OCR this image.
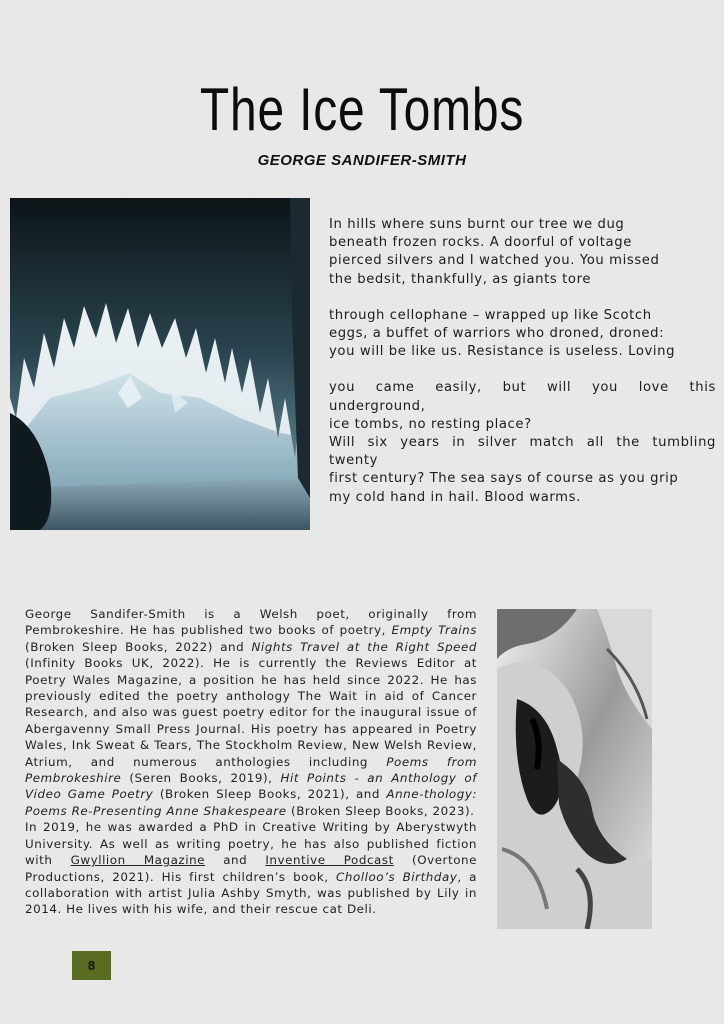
The Ice Tombs
GEORGE SANDIFER-SMITH
In hills where suns burnt our tree we dug
beneath frozen rocks. A doorful of voltage
pierced silvers and I watched you. You missed
the bedsit, thankfully, as giants tore
through cellophane – wrapped up like Scotch
eggs, a buffet of warriors who droned, droned:
you will be like us. Resistance is useless. Loving
you came easily, but will you love this
underground,
ice tombs, no resting place?
Will six years in silver match all the tumbling
twenty
first century? The sea says of course as you grip
my cold hand in hail. Blood warms.

George Sandifer-Smith is a Welsh poet, originally from Pembrokeshire. He has published two books of poetry, Empty Trains (Broken Sleep Books, 2022) and Nights Travel at the Right Speed (Infinity Books UK, 2022). He is currently the Reviews Editor at Poetry Wales Magazine, a position he has held since 2022. He has previously edited the poetry anthology The Wait in aid of Cancer Research, and also was guest poetry editor for the inaugural issue of Abergavenny Small Press Journal. His poetry has appeared in Poetry Wales, Ink Sweat & Tears, The Stockholm Review, New Welsh Review, Atrium, and numerous anthologies including Poems from Pembrokeshire (Seren Books, 2019), Hit Points - an Anthology of Video Game Poetry (Broken Sleep Books, 2021), and Anne-thology: Poems Re-Presenting Anne Shakespeare (Broken Sleep Books, 2023).

In 2019, he was awarded a PhD in Creative Writing by Aberystwyth University. As well as writing poetry, he has also published fiction with Gwyllion Magazine and Inventive Podcast (Overtone Productions, 2021). His first children’s book, Cholloo’s Birthday, a collaboration with artist Julia Ashby Smyth, was published by Lily in 2014. He lives with his wife, and their rescue cat Deli.

8
